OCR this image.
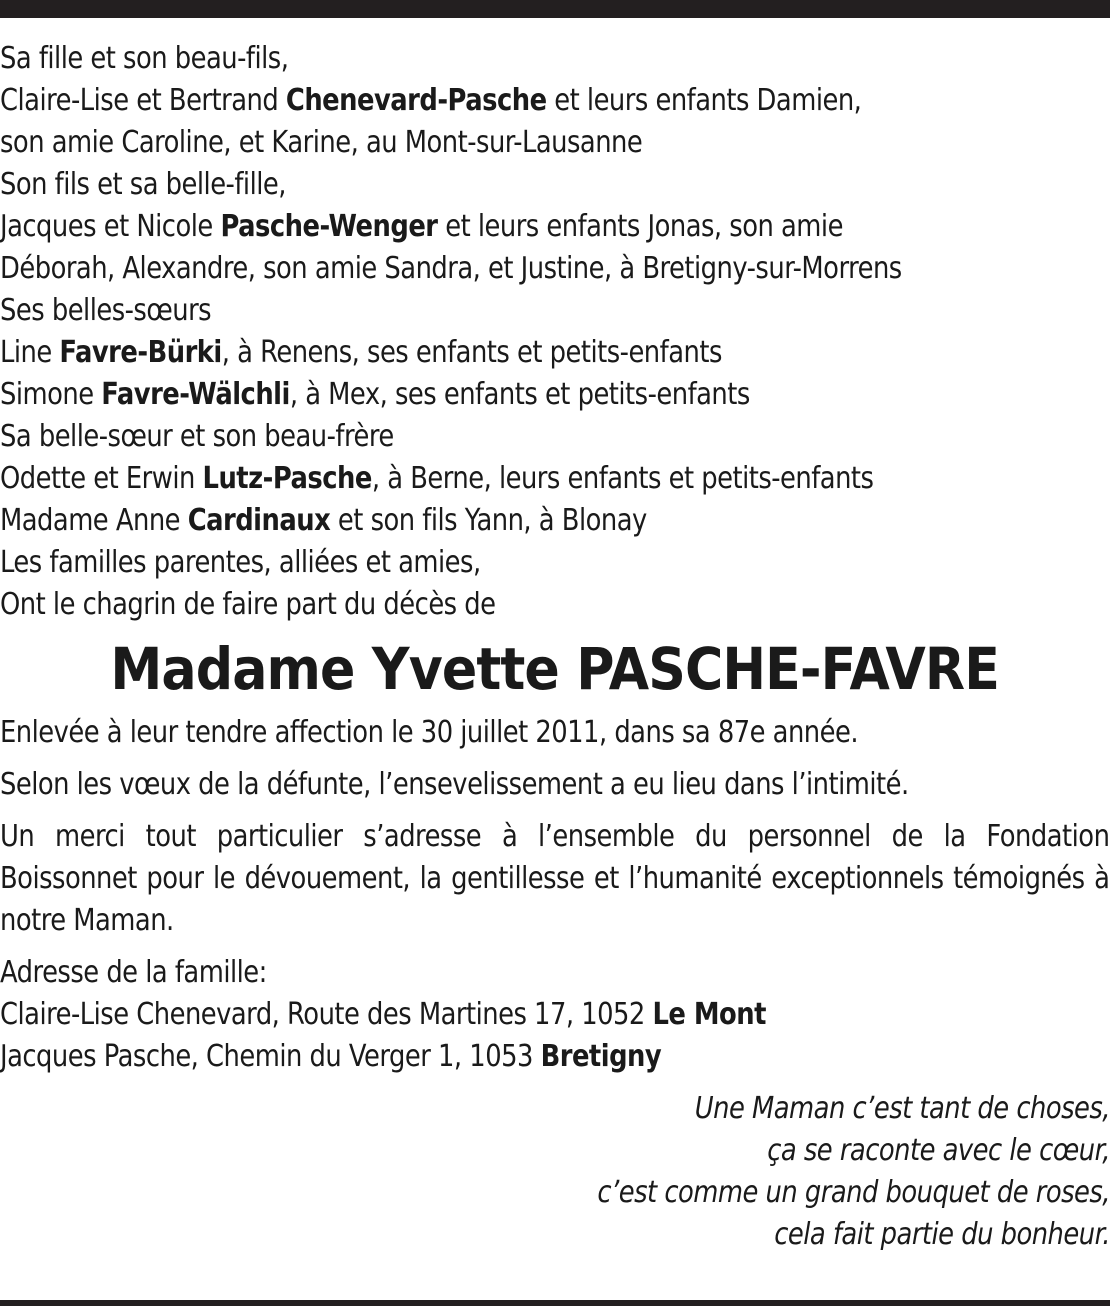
Sa fille et son beau-fils,
Claire-Lise et Bertrand Chenevard-Pasche et leurs enfants Damien,
son amie Caroline, et Karine, au Mont-sur-Lausanne
Son fils et sa belle-fille,
Jacques et Nicole Pasche-Wenger et leurs enfants Jonas, son amie
Déborah, Alexandre, son amie Sandra, et Justine, à Bretigny-sur-Morrens
Ses belles-sœurs
Line Favre-Bürki, à Renens, ses enfants et petits-enfants
Simone Favre-Wälchli, à Mex, ses enfants et petits-enfants
Sa belle-sœur et son beau-frère
Odette et Erwin Lutz-Pasche, à Berne, leurs enfants et petits-enfants
Madame Anne Cardinaux et son fils Yann, à Blonay
Les familles parentes, alliées et amies,
Ont le chagrin de faire part du décès de
Madame Yvette PASCHE-FAVRE
Enlevée à leur tendre affection le 30 juillet 2011, dans sa 87e année.
Selon les vœux de la défunte, l’ensevelissement a eu lieu dans l’intimité.
Un merci tout particulier s’adresse à l’ensemble du personnel de la Fondation Boissonnet pour le dévouement, la gentillesse et l’humanité exceptionnels témoignés à notre Maman.
Adresse de la famille:
Claire-Lise Chenevard, Route des Martines 17, 1052 Le Mont
Jacques Pasche, Chemin du Verger 1, 1053 Bretigny
Une Maman c’est tant de choses,
ça se raconte avec le cœur,
c’est comme un grand bouquet de roses,
cela fait partie du bonheur.
